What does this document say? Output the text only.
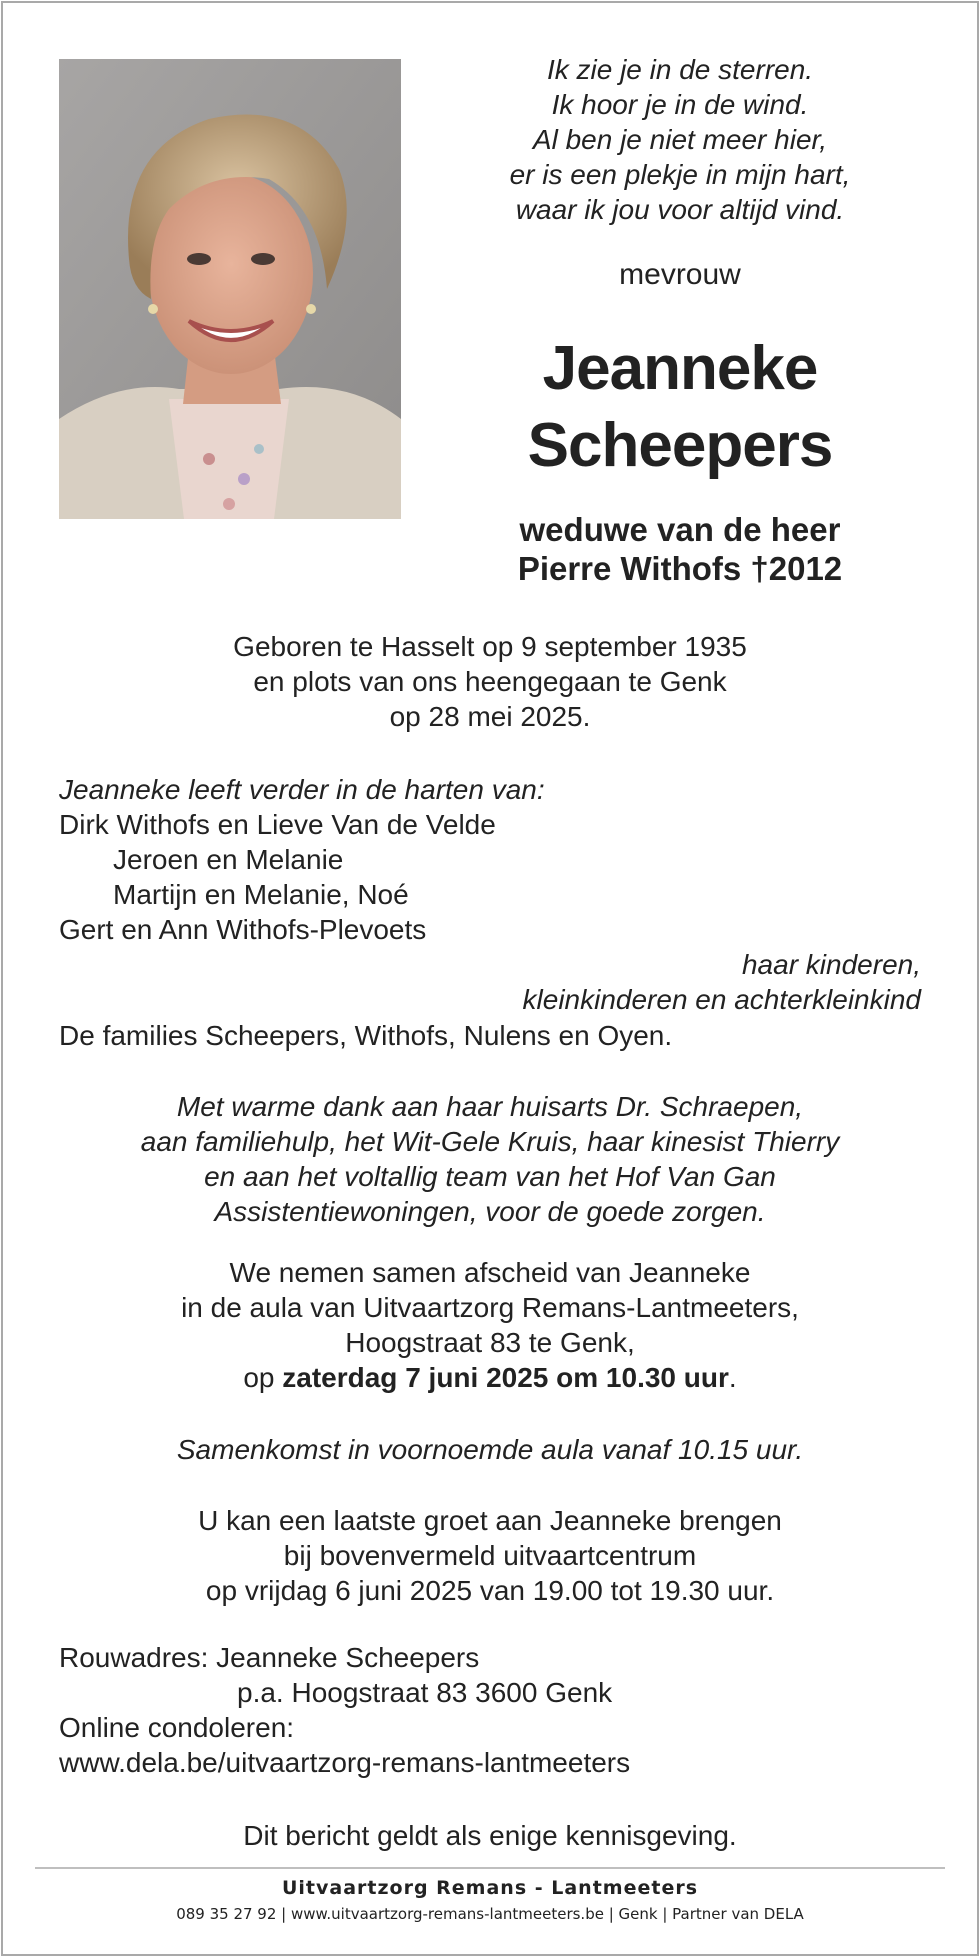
Ik zie je in de sterren.
Ik hoor je in de wind.
Al ben je niet meer hier,
er is een plekje in mijn hart,
waar ik jou voor altijd vind.
mevrouw
Jeanneke
Scheepers
weduwe van de heer
Pierre Withofs †2012
Geboren te Hasselt op 9 september 1935
en plots van ons heengegaan te Genk
op 28 mei 2025.
Jeanneke leeft verder in de harten van:
Dirk Withofs en Lieve Van de Velde
Jeroen en Melanie
Martijn en Melanie, Noé
Gert en Ann Withofs-Plevoets
haar kinderen,
kleinkinderen en achterkleinkind
De families Scheepers, Withofs, Nulens en Oyen.
Met warme dank aan haar huisarts Dr. Schraepen,
aan familiehulp, het Wit-Gele Kruis, haar kinesist Thierry
en aan het voltallig team van het Hof Van Gan
Assistentiewoningen, voor de goede zorgen.
We nemen samen afscheid van Jeanneke
in de aula van Uitvaartzorg Remans-Lantmeeters,
Hoogstraat 83 te Genk,
op zaterdag 7 juni 2025 om 10.30 uur.
Samenkomst in voornoemde aula vanaf 10.15 uur.
U kan een laatste groet aan Jeanneke brengen
bij bovenvermeld uitvaartcentrum
op vrijdag 6 juni 2025 van 19.00 tot 19.30 uur.
Rouwadres: Jeanneke Scheepers
p.a. Hoogstraat 83 3600 Genk
Online condoleren:
www.dela.be/uitvaartzorg-remans-lantmeeters
Dit bericht geldt als enige kennisgeving.
Uitvaartzorg Remans - Lantmeeters
089 35 27 92 | www.uitvaartzorg-remans-lantmeeters.be | Genk | Partner van DELA
